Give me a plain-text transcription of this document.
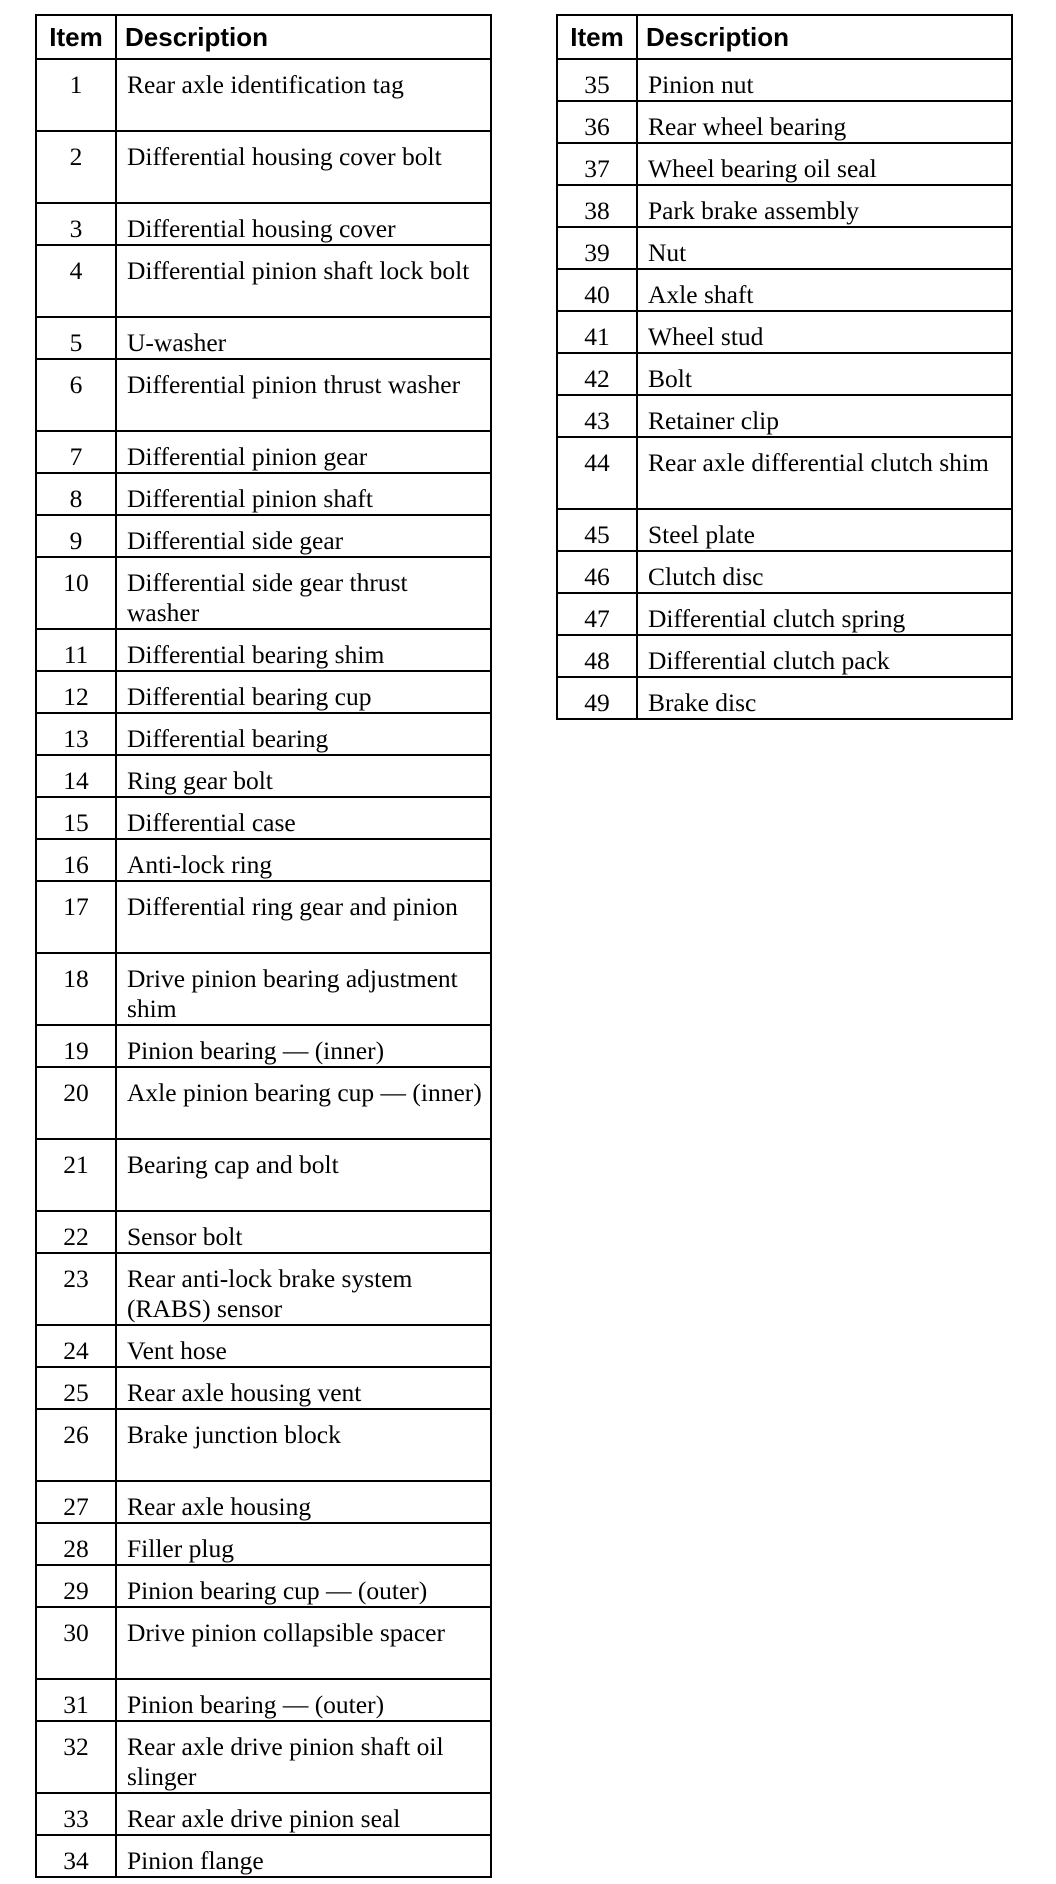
Item	Description
1	Rear axle identification tag
2	Differential housing cover bolt
3	Differential housing cover
4	Differential pinion shaft lock bolt
5	U-washer
6	Differential pinion thrust washer
7	Differential pinion gear
8	Differential pinion shaft
9	Differential side gear
10	Differential side gear thrust washer
11	Differential bearing shim
12	Differential bearing cup
13	Differential bearing
14	Ring gear bolt
15	Differential case
16	Anti-lock ring
17	Differential ring gear and pinion
18	Drive pinion bearing adjustment shim
19	Pinion bearing — (inner)
20	Axle pinion bearing cup — (inner)
21	Bearing cap and bolt
22	Sensor bolt
23	Rear anti-lock brake system (RABS) sensor
24	Vent hose
25	Rear axle housing vent
26	Brake junction block
27	Rear axle housing
28	Filler plug
29	Pinion bearing cup — (outer)
30	Drive pinion collapsible spacer
31	Pinion bearing — (outer)
32	Rear axle drive pinion shaft oil slinger
33	Rear axle drive pinion seal
34	Pinion flange
Item	Description
35	Pinion nut
36	Rear wheel bearing
37	Wheel bearing oil seal
38	Park brake assembly
39	Nut
40	Axle shaft
41	Wheel stud
42	Bolt
43	Retainer clip
44	Rear axle differential clutch shim
45	Steel plate
46	Clutch disc
47	Differential clutch spring
48	Differential clutch pack
49	Brake disc
